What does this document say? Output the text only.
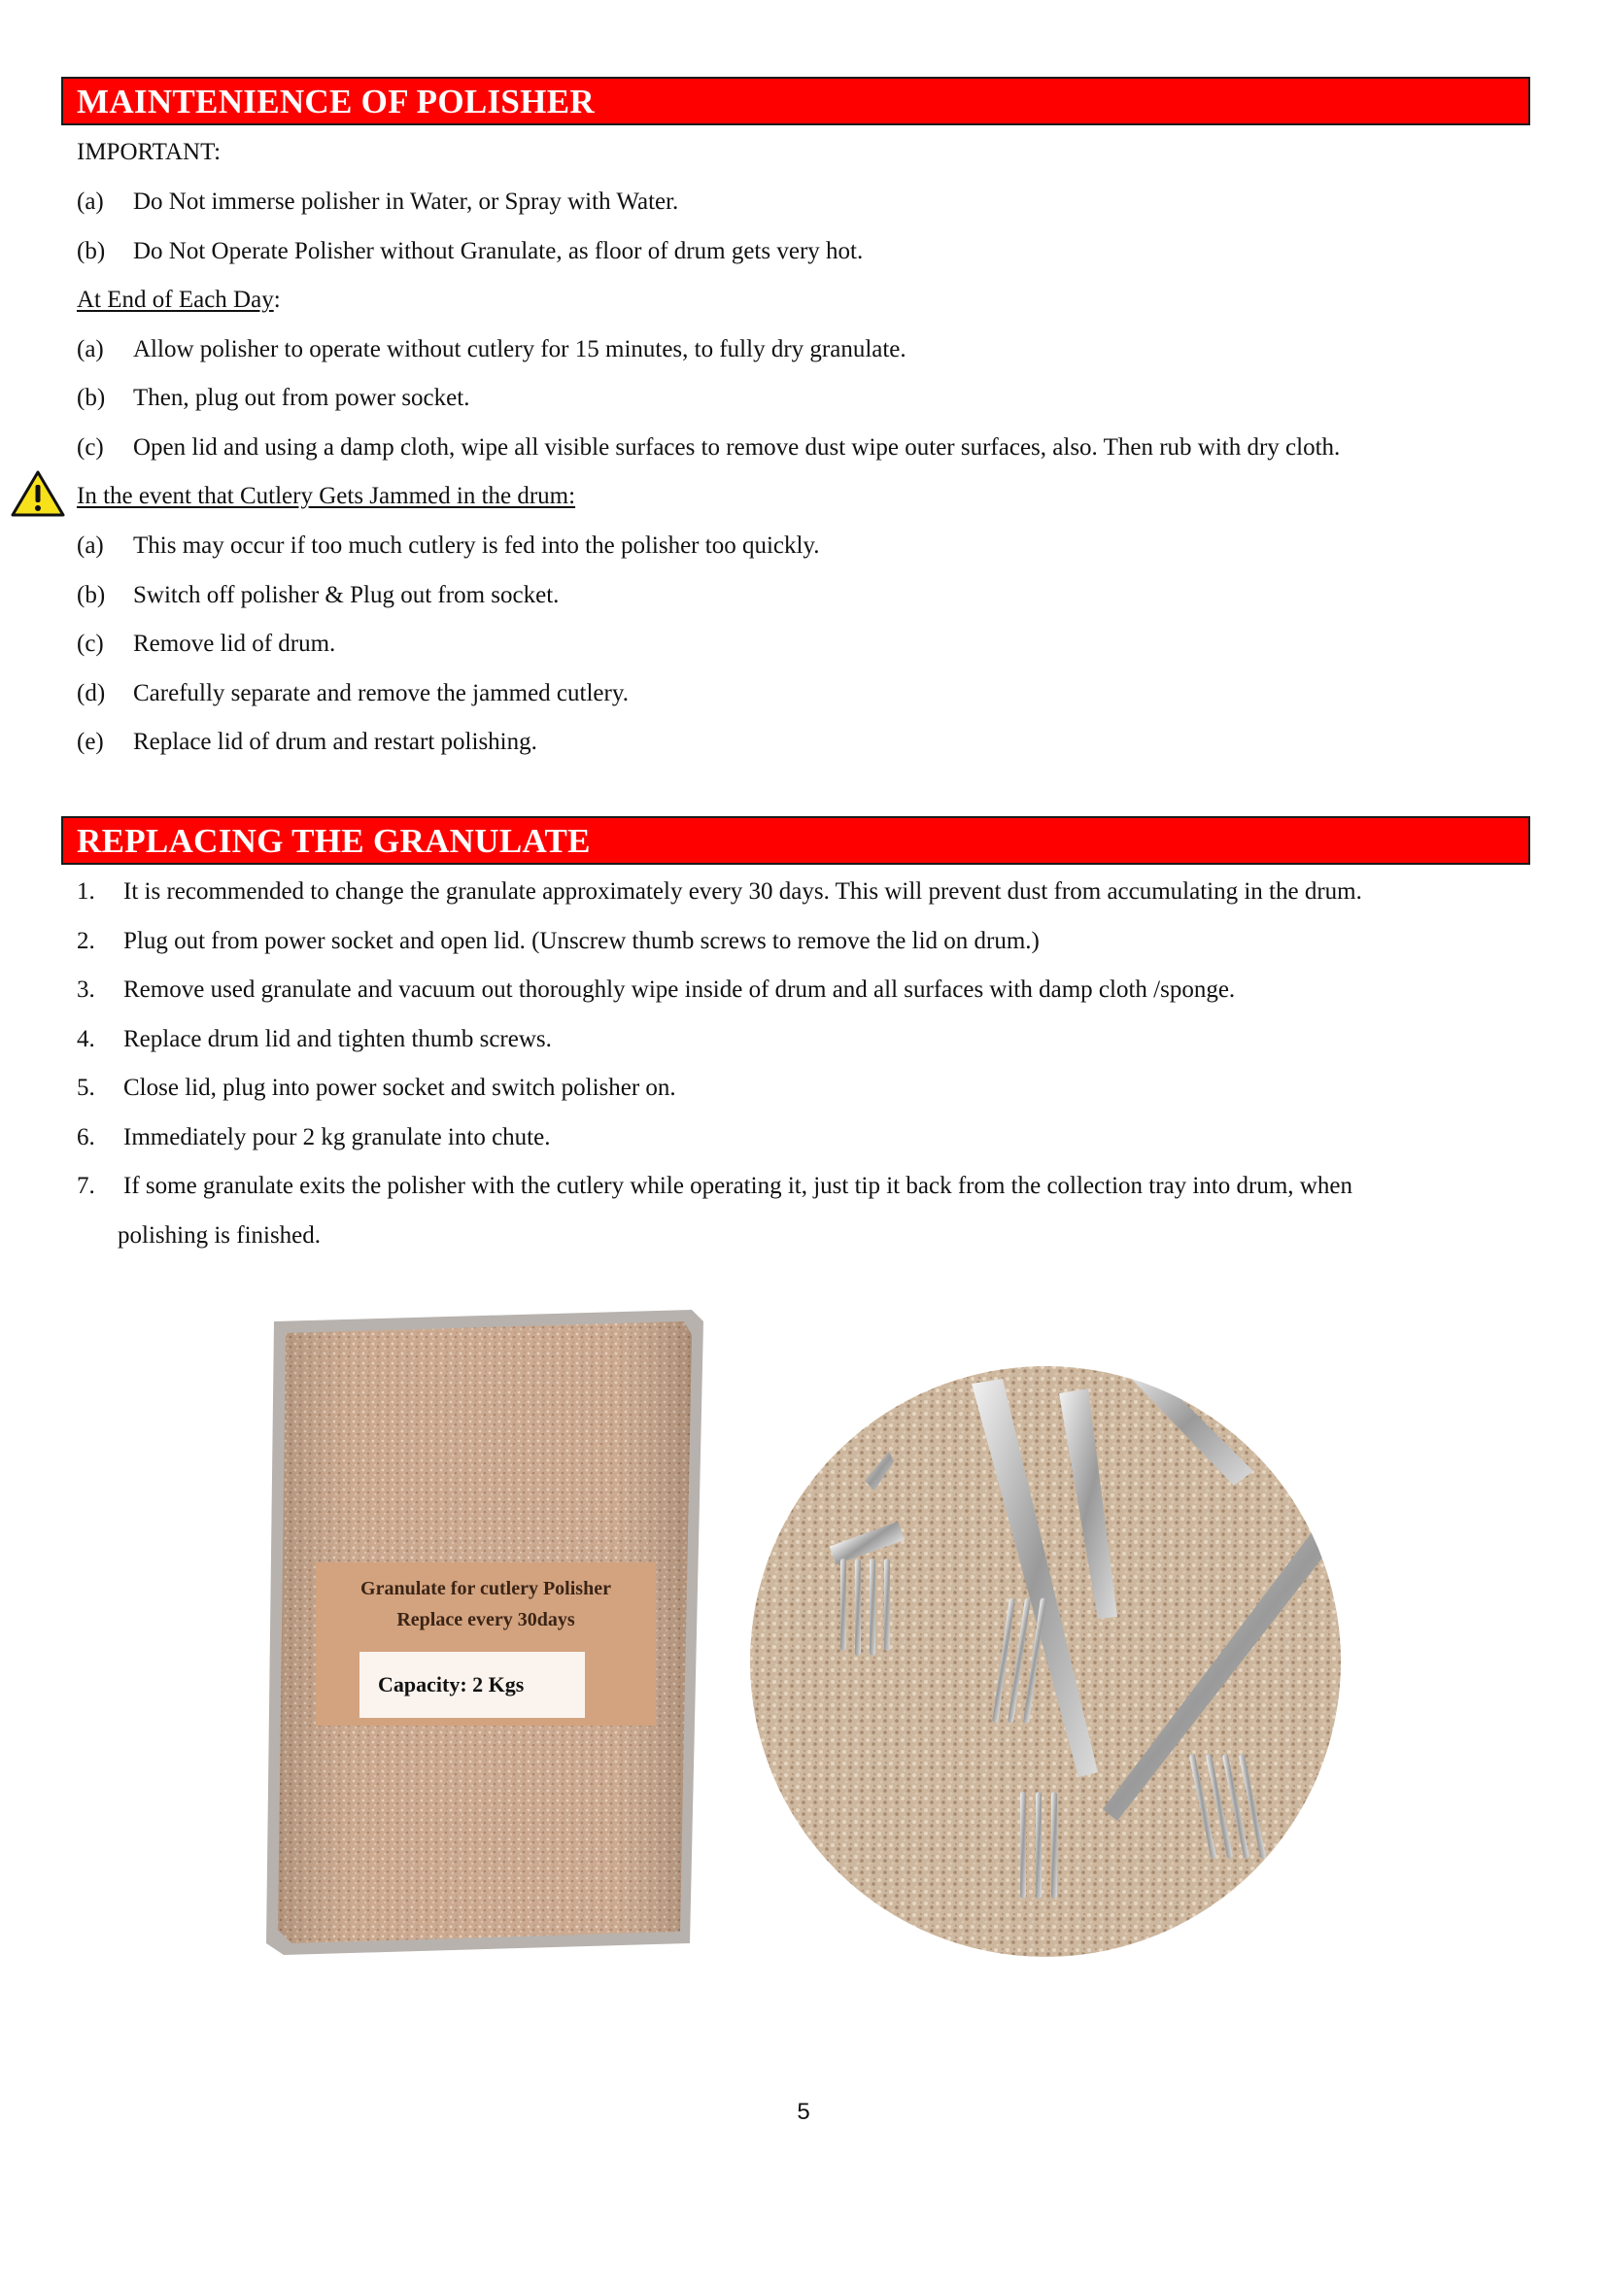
MAINTENIENCE OF POLISHER
IMPORTANT:
(a) Do Not immerse polisher in Water, or Spray with Water.
(b) Do Not Operate Polisher without Granulate, as floor of drum gets very hot.
At End of Each Day:
(a) Allow polisher to operate without cutlery for 15 minutes, to fully dry granulate.
(b) Then, plug out from power socket.
(c) Open lid and using a damp cloth, wipe all visible surfaces to remove dust wipe outer surfaces, also. Then rub with dry cloth.
In the event that Cutlery Gets Jammed in the drum:
(a) This may occur if too much cutlery is fed into the polisher too quickly.
(b) Switch off polisher & Plug out from socket.
(c) Remove lid of drum.
(d) Carefully separate and remove the jammed cutlery.
(e) Replace lid of drum and restart polishing.
REPLACING THE GRANULATE
1. It is recommended to change the granulate approximately every 30 days. This will prevent dust from accumulating in the drum.
2. Plug out from power socket and open lid. (Unscrew thumb screws to remove the lid on drum.)
3. Remove used granulate and vacuum out thoroughly wipe inside of drum and all surfaces with damp cloth /sponge.
4. Replace drum lid and tighten thumb screws.
5. Close lid, plug into power socket and switch polisher on.
6. Immediately pour 2 kg granulate into chute.
7. If some granulate exits the polisher with the cutlery while operating it, just tip it back from the collection tray into drum, when
polishing is finished.
Granulate for cutlery Polisher
Replace every 30days
Capacity: 2 Kgs
5
